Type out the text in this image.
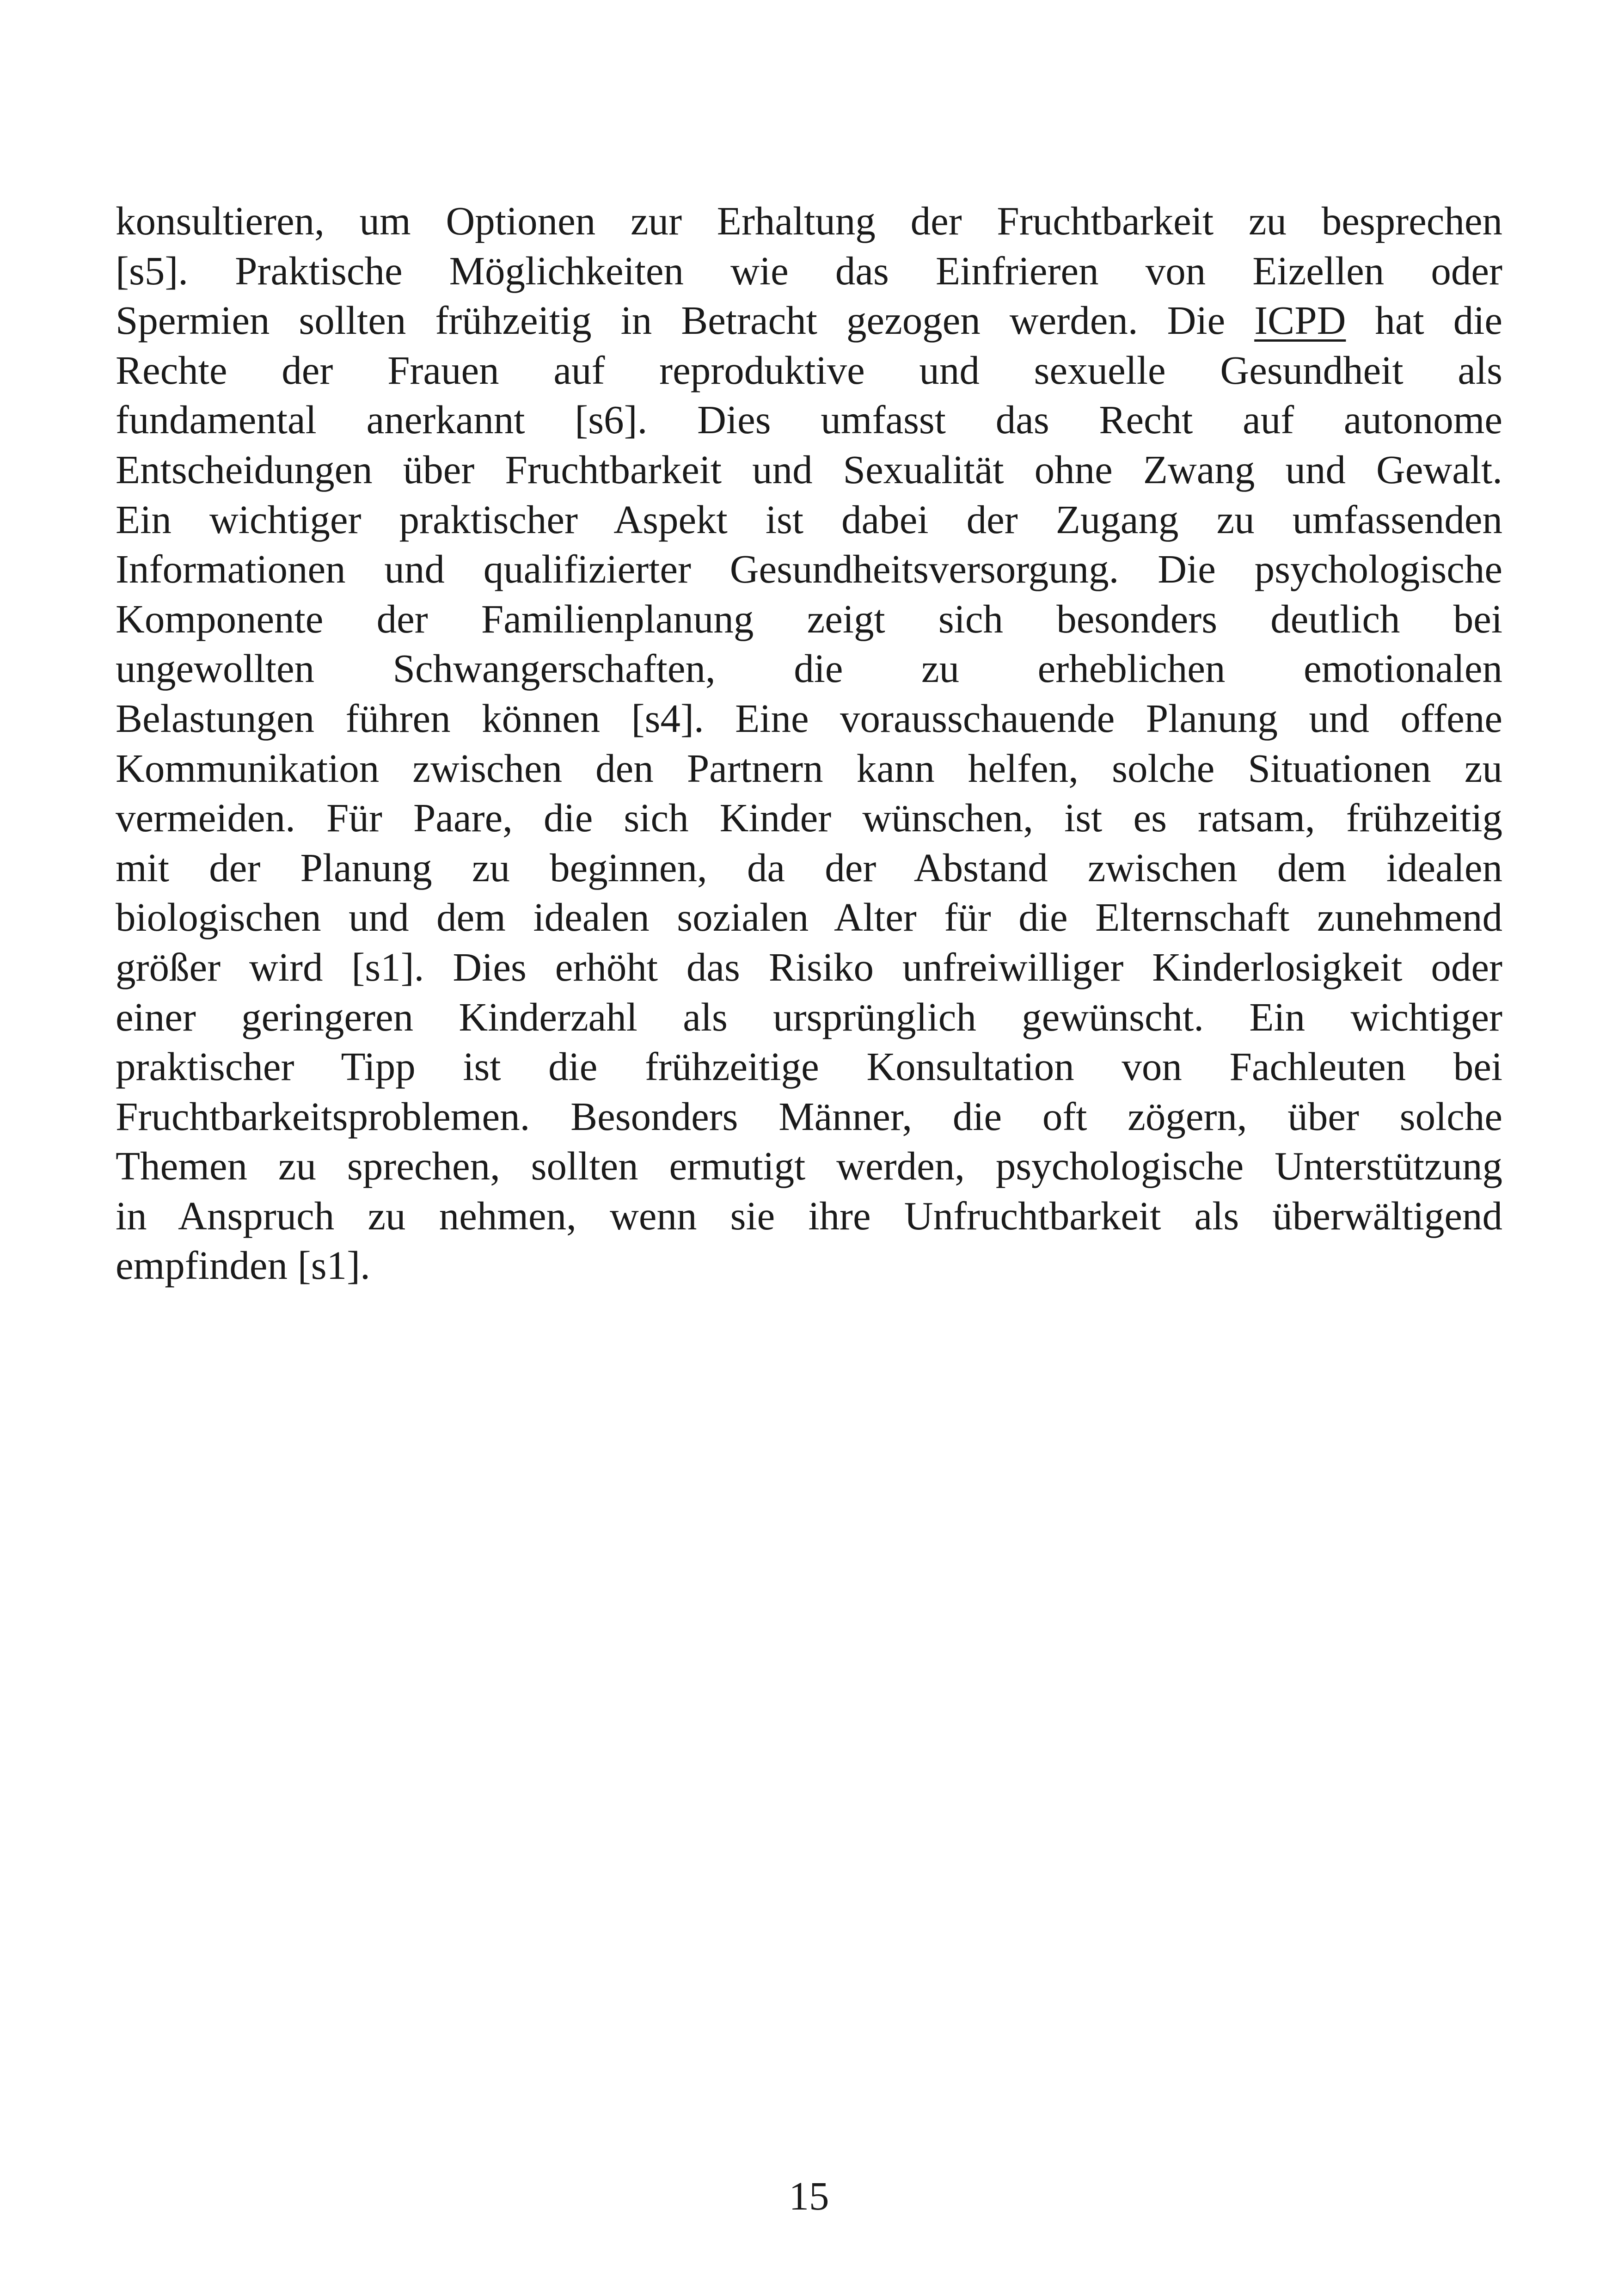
konsultieren, um Optionen zur Erhaltung der Fruchtbarkeit zu besprechen
[s5]. Praktische Möglichkeiten wie das Einfrieren von Eizellen oder
Spermien sollten frühzeitig in Betracht gezogen werden. Die ICPD hat die
Rechte der Frauen auf reproduktive und sexuelle Gesundheit als
fundamental anerkannt [s6]. Dies umfasst das Recht auf autonome
Entscheidungen über Fruchtbarkeit und Sexualität ohne Zwang und Gewalt.
Ein wichtiger praktischer Aspekt ist dabei der Zugang zu umfassenden
Informationen und qualifizierter Gesundheitsversorgung. Die psychologische
Komponente der Familienplanung zeigt sich besonders deutlich bei
ungewollten Schwangerschaften, die zu erheblichen emotionalen
Belastungen führen können [s4]. Eine vorausschauende Planung und offene
Kommunikation zwischen den Partnern kann helfen, solche Situationen zu
vermeiden. Für Paare, die sich Kinder wünschen, ist es ratsam, frühzeitig
mit der Planung zu beginnen, da der Abstand zwischen dem idealen
biologischen und dem idealen sozialen Alter für die Elternschaft zunehmend
größer wird [s1]. Dies erhöht das Risiko unfreiwilliger Kinderlosigkeit oder
einer geringeren Kinderzahl als ursprünglich gewünscht. Ein wichtiger
praktischer Tipp ist die frühzeitige Konsultation von Fachleuten bei
Fruchtbarkeitsproblemen. Besonders Männer, die oft zögern, über solche
Themen zu sprechen, sollten ermutigt werden, psychologische Unterstützung
in Anspruch zu nehmen, wenn sie ihre Unfruchtbarkeit als überwältigend
empfinden [s1].
15
